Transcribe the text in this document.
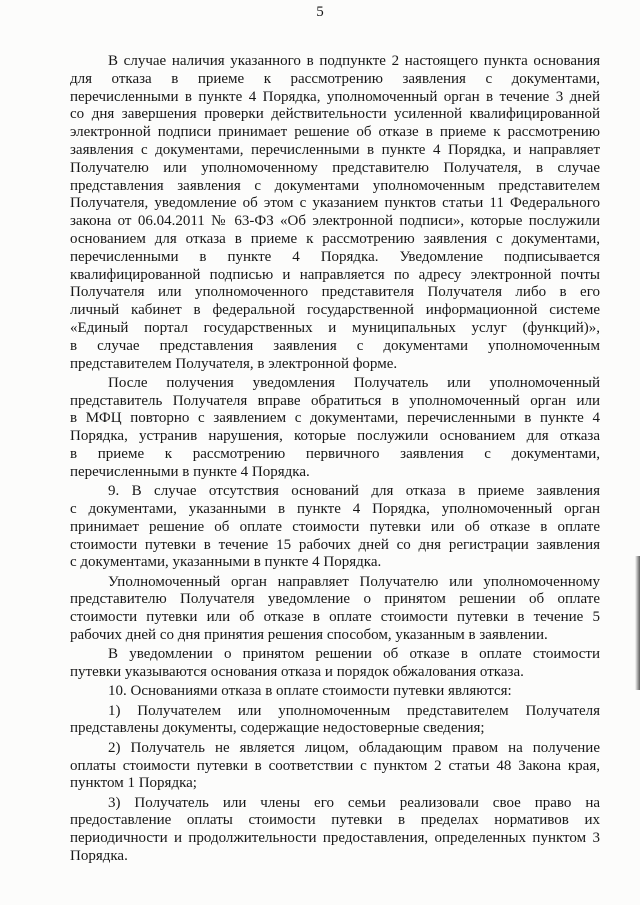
5
В случае наличия указанного в подпункте 2 настоящего пункта основания
для отказа в приеме к рассмотрению заявления с документами,
перечисленными в пункте 4 Порядка, уполномоченный орган в течение 3 дней
со дня завершения проверки действительности усиленной квалифицированной
электронной подписи принимает решение об отказе в приеме к рассмотрению
заявления с документами, перечисленными в пункте 4 Порядка, и направляет
Получателю или уполномоченному представителю Получателя, в случае
представления заявления с документами уполномоченным представителем
Получателя, уведомление об этом с указанием пунктов статьи 11 Федерального
закона от 06.04.2011 № 63-ФЗ «Об электронной подписи», которые послужили
основанием для отказа в приеме к рассмотрению заявления с документами,
перечисленными в пункте 4 Порядка. Уведомление подписывается
квалифицированной подписью и направляется по адресу электронной почты
Получателя или уполномоченного представителя Получателя либо в его
личный кабинет в федеральной государственной информационной системе
«Единый портал государственных и муниципальных услуг (функций)»,
в случае представления заявления с документами уполномоченным
представителем Получателя, в электронной форме.
После получения уведомления Получатель или уполномоченный
представитель Получателя вправе обратиться в уполномоченный орган или
в МФЦ повторно с заявлением с документами, перечисленными в пункте 4
Порядка, устранив нарушения, которые послужили основанием для отказа
в приеме к рассмотрению первичного заявления с документами,
перечисленными в пункте 4 Порядка.
9. В случае отсутствия оснований для отказа в приеме заявления
с документами, указанными в пункте 4 Порядка, уполномоченный орган
принимает решение об оплате стоимости путевки или об отказе в оплате
стоимости путевки в течение 15 рабочих дней со дня регистрации заявления
с документами, указанными в пункте 4 Порядка.
Уполномоченный орган направляет Получателю или уполномоченному
представителю Получателя уведомление о принятом решении об оплате
стоимости путевки или об отказе в оплате стоимости путевки в течение 5
рабочих дней со дня принятия решения способом, указанным в заявлении.
В уведомлении о принятом решении об отказе в оплате стоимости
путевки указываются основания отказа и порядок обжалования отказа.
10. Основаниями отказа в оплате стоимости путевки являются:
1) Получателем или уполномоченным представителем Получателя
представлены документы, содержащие недостоверные сведения;
2) Получатель не является лицом, обладающим правом на получение
оплаты стоимости путевки в соответствии с пунктом 2 статьи 48 Закона края,
пунктом 1 Порядка;
3) Получатель или члены его семьи реализовали свое право на
предоставление оплаты стоимости путевки в пределах нормативов их
периодичности и продолжительности предоставления, определенных пунктом 3
Порядка.
